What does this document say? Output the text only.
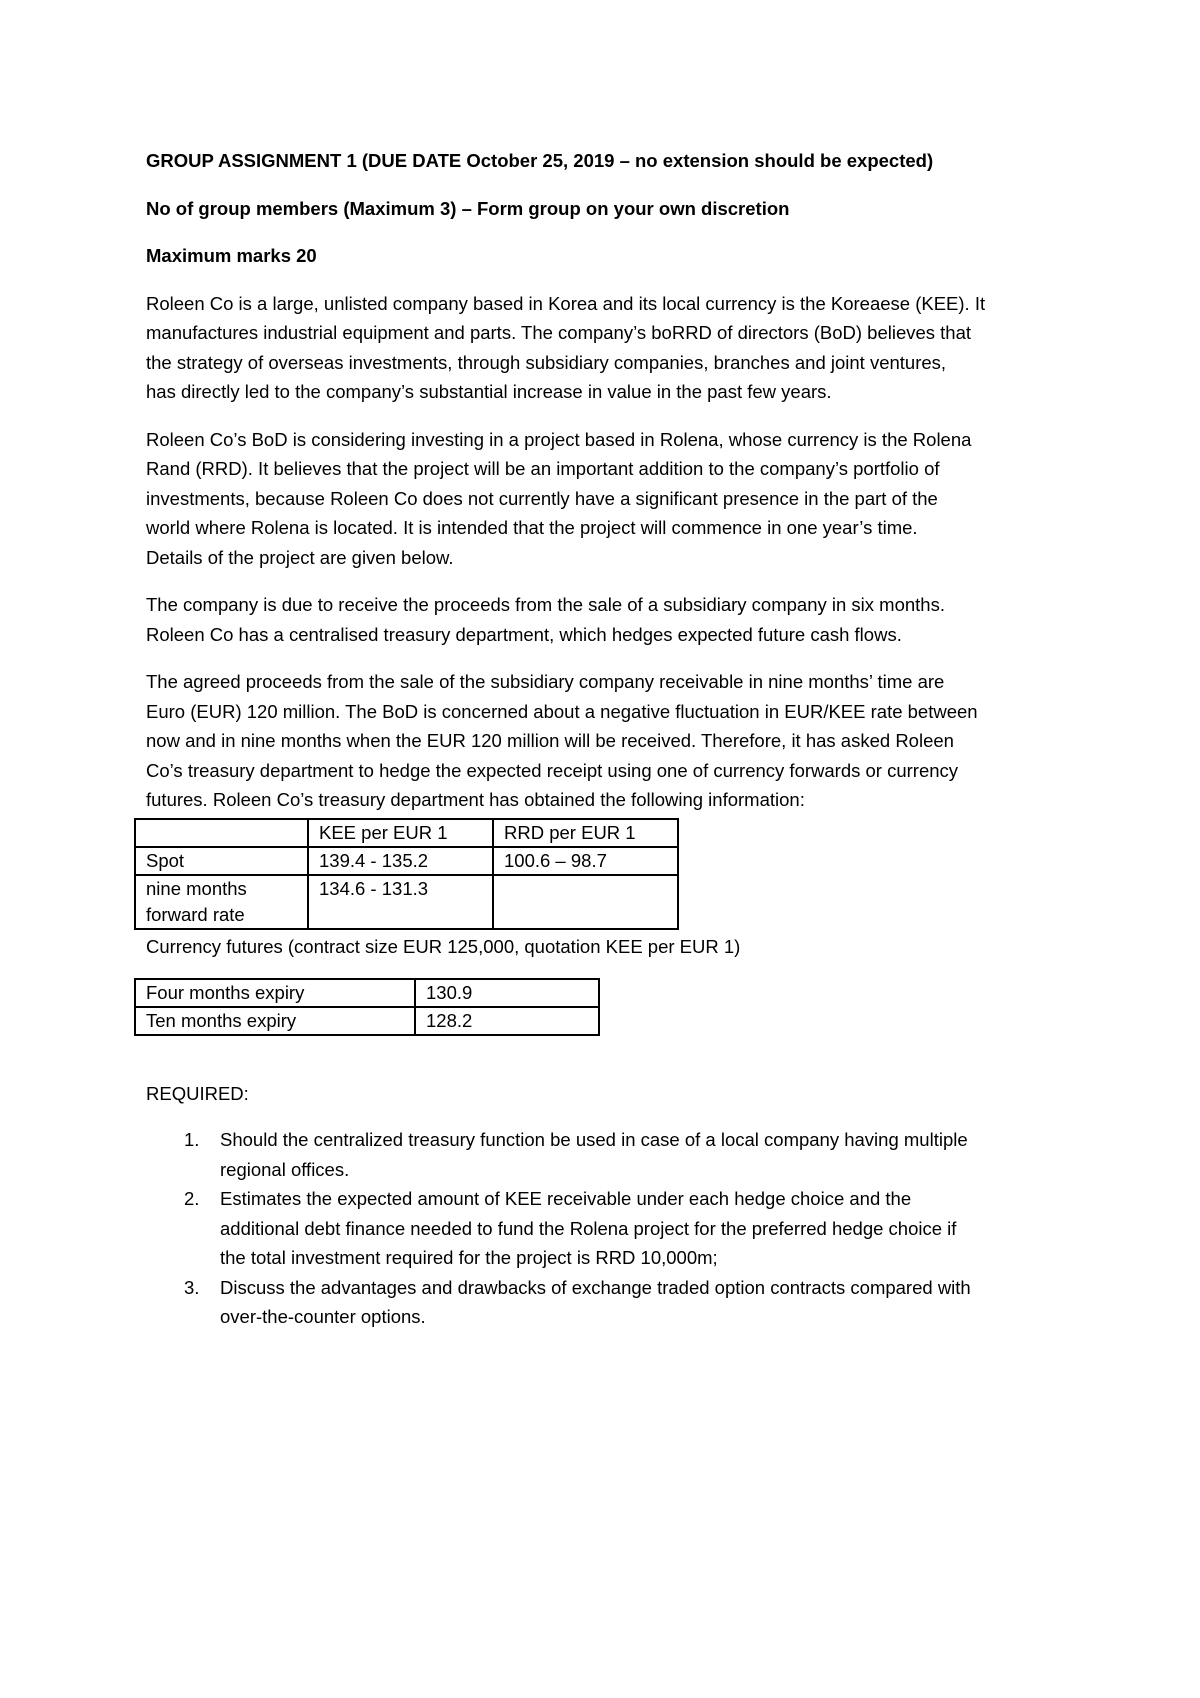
GROUP ASSIGNMENT 1 (DUE DATE October 25, 2019 – no extension should be expected)

No of group members (Maximum 3) – Form group on your own discretion

Maximum marks 20

Roleen Co is a large, unlisted company based in Korea and its local currency is the Koreaese (KEE). It
manufactures industrial equipment and parts. The company’s boRRD of directors (BoD) believes that
the strategy of overseas investments, through subsidiary companies, branches and joint ventures,
has directly led to the company’s substantial increase in value in the past few years.

Roleen Co’s BoD is considering investing in a project based in Rolena, whose currency is the Rolena
Rand (RRD). It believes that the project will be an important addition to the company’s portfolio of
investments, because Roleen Co does not currently have a significant presence in the part of the
world where Rolena is located. It is intended that the project will commence in one year’s time.
Details of the project are given below.

The company is due to receive the proceeds from the sale of a subsidiary company in six months.
Roleen Co has a centralised treasury department, which hedges expected future cash flows.

The agreed proceeds from the sale of the subsidiary company receivable in nine months’ time are
Euro (EUR) 120 million. The BoD is concerned about a negative fluctuation in EUR/KEE rate between
now and in nine months when the EUR 120 million will be received. Therefore, it has asked Roleen
Co’s treasury department to hedge the expected receipt using one of currency forwards or currency
futures. Roleen Co’s treasury department has obtained the following information:

	KEE per EUR 1	RRD per EUR 1
Spot	139.4 - 135.2	100.6 – 98.7
nine months
forward rate	134.6 - 131.3	
Currency futures (contract size EUR 125,000, quotation KEE per EUR 1)
Four months expiry	130.9
Ten months expiry	128.2
REQUIRED:
1. Should the centralized treasury function be used in case of a local company having multiple
regional offices.
2. Estimates the expected amount of KEE receivable under each hedge choice and the
additional debt finance needed to fund the Rolena project for the preferred hedge choice if
the total investment required for the project is RRD 10,000m;
3. Discuss the advantages and drawbacks of exchange traded option contracts compared with
over-the-counter options.
